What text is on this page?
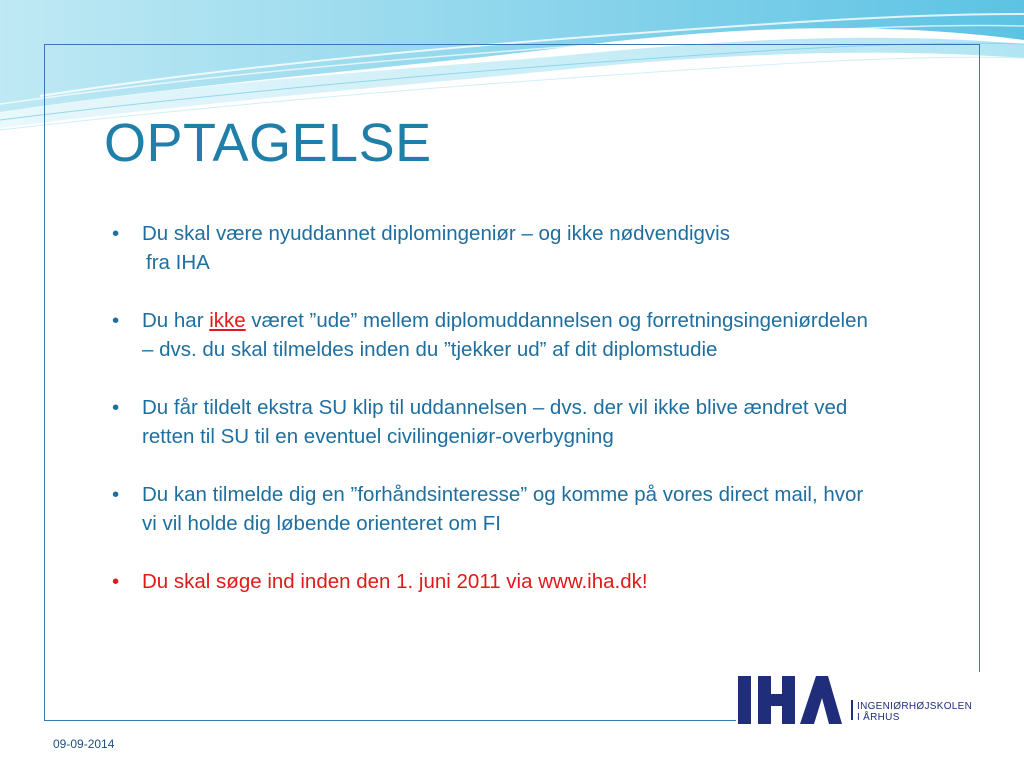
OPTAGELSE
• Du skal være nyuddannet diplomingeniør – og ikke nødvendigvis
fra IHA
• Du har ikke været ”ude” mellem diplomuddannelsen og forretningsingeniørdelen – dvs. du skal tilmeldes inden du ”tjekker ud” af dit diplomstudie
• Du får tildelt ekstra SU klip til uddannelsen – dvs. der vil ikke blive ændret ved retten til SU til en eventuel civilingeniør-overbygning
• Du kan tilmelde dig en ”forhåndsinteresse” og komme på vores direct mail, hvor vi vil holde dig løbende orienteret om FI
• Du skal søge ind inden den 1. juni 2011 via www.iha.dk!
INGENIØRHØJSKOLEN
I ÅRHUS
09-09-2014
